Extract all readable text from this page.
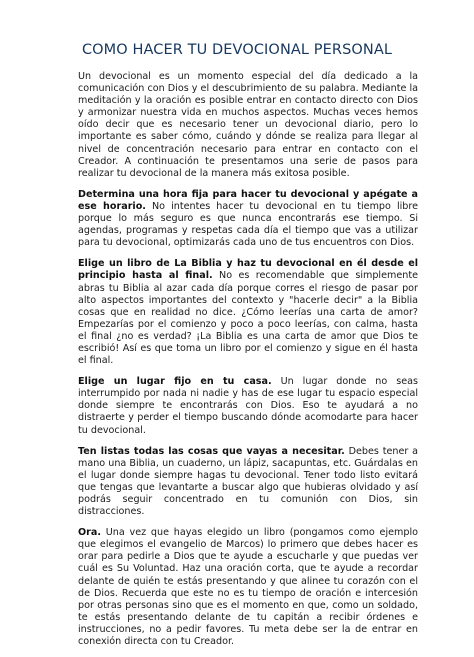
COMO HACER TU DEVOCIONAL PERSONAL

Un devocional es un momento especial del día dedicado a la comunicación con Dios y el descubrimiento de su palabra. Mediante la meditación y la oración es posible entrar en contacto directo con Dios y armonizar nuestra vida en muchos aspectos. Muchas veces hemos oído decir que es necesario tener un devocional diario, pero lo importante es saber cómo, cuándo y dónde se realiza para llegar al nivel de concentración necesario para entrar en contacto con el Creador. A continuación te presentamos una serie de pasos para realizar tu devocional de la manera más exitosa posible.

Determina una hora fija para hacer tu devocional y apégate a ese horario. No intentes hacer tu devocional en tu tiempo libre porque lo más seguro es que nunca encontrarás ese tiempo. Si agendas, programas y respetas cada día el tiempo que vas a utilizar para tu devocional, optimizarás cada uno de tus encuentros con Dios.

Elige un libro de La Biblia y haz tu devocional en él desde el principio hasta al final. No es recomendable que simplemente abras tu Biblia al azar cada día porque corres el riesgo de pasar por alto aspectos importantes del contexto y "hacerle decir" a la Biblia cosas que en realidad no dice. ¿Cómo leerías una carta de amor? Empezarías por el comienzo y poco a poco leerías, con calma, hasta el final ¿no es verdad? ¡La Biblia es una carta de amor que Dios te escribió! Así es que toma un libro por el comienzo y sigue en él hasta el final.

Elige un lugar fijo en tu casa. Un lugar donde no seas interrumpido por nada ni nadie y has de ese lugar tu espacio especial donde siempre te encontrarás con Dios. Eso te ayudará a no distraerte y perder el tiempo buscando dónde acomodarte para hacer tu devocional.

Ten listas todas las cosas que vayas a necesitar. Debes tener a mano una Biblia, un cuaderno, un lápiz, sacapuntas, etc. Guárdalas en el lugar donde siempre hagas tu devocional. Tener todo listo evitará que tengas que levantarte a buscar algo que hubieras olvidado y así podrás seguir concentrado en tu comunión con Dios, sin distracciones.

Ora. Una vez que hayas elegido un libro (pongamos como ejemplo que elegimos el evangelio de Marcos) lo primero que debes hacer es orar para pedirle a Dios que te ayude a escucharle y que puedas ver cuál es Su Voluntad. Haz una oración corta, que te ayude a recordar delante de quién te estás presentando y que alinee tu corazón con el de Dios. Recuerda que este no es tu tiempo de oración e intercesión por otras personas sino que es el momento en que, como un soldado, te estás presentando delante de tu capitán a recibir órdenes e instrucciones, no a pedir favores. Tu meta debe ser la de entrar en conexión directa con tu Creador.
